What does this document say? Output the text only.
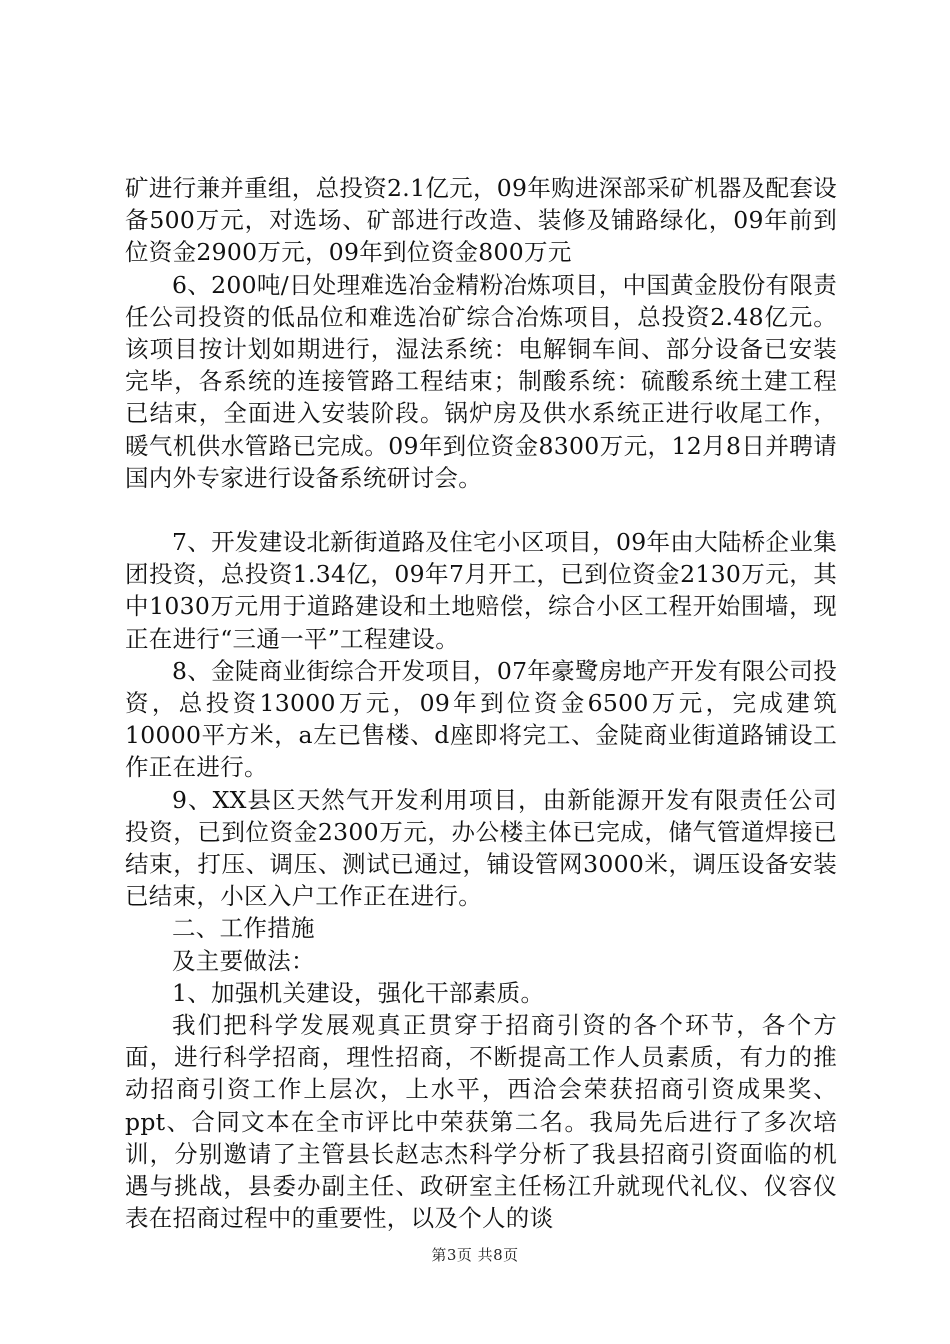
矿进行兼并重组，总投资2.1亿元，09年购进深部采矿机器及配套设备500万元，对选场、矿部进行改造、装修及铺路绿化，09年前到位资金2900万元，09年到位资金800万元

6、200吨/日处理难选冶金精粉冶炼项目，中国黄金股份有限责任公司投资的低品位和难选冶矿综合冶炼项目，总投资2.48亿元。该项目按计划如期进行，湿法系统：电解铜车间、部分设备已安装完毕，各系统的连接管路工程结束；制酸系统：硫酸系统土建工程已结束，全面进入安装阶段。锅炉房及供水系统正进行收尾工作，暖气机供水管路已完成。09年到位资金8300万元，12月8日并聘请国内外专家进行设备系统研讨会。

7、开发建设北新街道路及住宅小区项目，09年由大陆桥企业集团投资，总投资1.34亿，09年7月开工，已到位资金2130万元，其中1030万元用于道路建设和土地赔偿，综合小区工程开始围墙，现正在进行“三通一平”工程建设。

8、金陡商业街综合开发项目，07年豪鹭房地产开发有限公司投资，总投资13000万元，09年到位资金6500万元，完成建筑10000平方米，a左已售楼、d座即将完工、金陡商业街道路铺设工作正在进行。

9、XX县区天然气开发利用项目，由新能源开发有限责任公司投资，已到位资金2300万元，办公楼主体已完成，储气管道焊接已结束，打压、调压、测试已通过，铺设管网3000米，调压设备安装已结束，小区入户工作正在进行。

二、工作措施

及主要做法：

1、加强机关建设，强化干部素质。

我们把科学发展观真正贯穿于招商引资的各个环节，各个方面，进行科学招商，理性招商，不断提高工作人员素质，有力的推动招商引资工作上层次，上水平，西洽会荣获招商引资成果奖、ppt、合同文本在全市评比中荣获第二名。我局先后进行了多次培训，分别邀请了主管县长赵志杰科学分析了我县招商引资面临的机遇与挑战，县委办副主任、政研室主任杨江升就现代礼仪、仪容仪表在招商过程中的重要性，以及个人的谈

第3页 共8页
